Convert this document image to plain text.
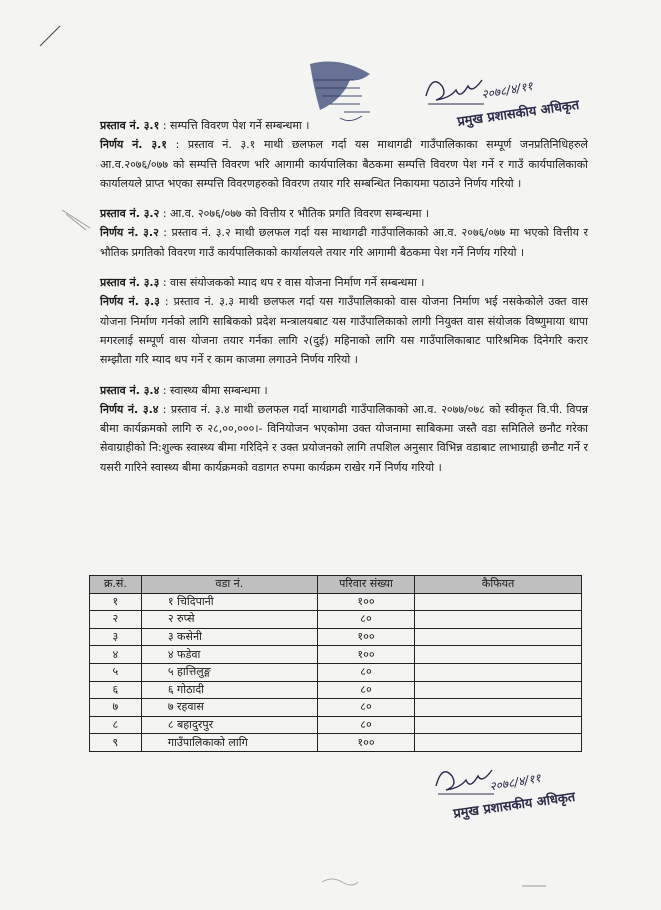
२०७८/४/११
प्रमुख प्रशासकीय अधिकृत

प्रस्ताव नं. ३.१ : सम्पत्ति विवरण पेश गर्ने सम्बन्धमा ।

निर्णय नं. ३.१ : प्रस्ताव नं. ३.१ माथी छलफल गर्दा यस माथागढी गाउँपालिकाका सम्पूर्ण जनप्रतिनिधिहरुले आ.व.२०७६/०७७ को सम्पत्ति विवरण भरि आगामी कार्यपालिका बैठकमा सम्पत्ति विवरण पेश गर्ने र गाउँ कार्यपालिकाको कार्यालयले प्राप्त भएका सम्पत्ति विवरणहरुको विवरण तयार गरि सम्बन्धित निकायमा पठाउने निर्णय गरियो ।

प्रस्ताव नं. ३.२ : आ.व. २०७६/०७७ को वित्तीय र भौतिक प्रगति विवरण सम्बन्धमा ।

निर्णय नं. ३.२ : प्रस्ताव नं. ३.२ माथी छलफल गर्दा यस माथागढी गाउँपालिकाको आ.व. २०७६/०७७ मा भएको वित्तीय र भौतिक प्रगतिको विवरण गाउँ कार्यपालिकाको कार्यालयले तयार गरि आगामी बैठकमा पेश गर्ने निर्णय गरियो ।

प्रस्ताव नं. ३.३ : वास संयोजकको म्याद थप र वास योजना निर्माण गर्ने सम्बन्धमा ।

निर्णय नं. ३.३ : प्रस्ताव नं. ३.३ माथी छलफल गर्दा यस गाउँपालिकाको वास योजना निर्माण भई नसकेकोले उक्त वास योजना निर्माण गर्नको लागि साबिकको प्रदेश मन्त्रालयबाट यस गाउँपालिकाको लागी नियुक्त वास संयोजक विष्णुमाया थापा मगरलाई सम्पूर्ण वास योजना तयार गर्नका लागि २(दुई) महिनाको लागि यस गाउँपालिकाबाट पारिश्रमिक दिनेगरि करार सम्झौता गरि म्याद थप गर्ने र काम काजमा लगाउने निर्णय गरियो ।

प्रस्ताव नं. ३.४ : स्वास्थ्य बीमा सम्बन्धमा ।

निर्णय नं. ३.४ : प्रस्ताव नं. ३.४ माथी छलफल गर्दा माथागढी गाउँपालिकाको आ.व. २०७७/०७८ को स्वीकृत वि.पी. विपन्न बीमा कार्यक्रमको लागि रु २८,००,०००।- विनियोजन भएकोमा उक्त योजनामा साबिकमा जस्तै वडा समितिले छनौट गरेका सेवाग्राहीको नि:शुल्क स्वास्थ्य बीमा गरिदिने र उक्त प्रयोजनको लागि तपशिल अनुसार विभिन्न वडाबाट लाभाग्राही छनौट गर्ने र यसरी गारिने स्वास्थ्य बीमा कार्यक्रमको वडागत रुपमा कार्यक्रम राखेर गर्ने निर्णय गरियो ।

क्र.सं.	वडा नं.	परिवार संख्या	कैफियत
१	१ चिदिपानी	१००	
२	२ रुप्से	८०	
३	३ कसेनी	१००	
४	४ फडेवा	१००	
५	५ हात्तिलुङ्ग	८०	
६	६ गोठादी	८०	
७	७ रहवास	८०	
८	८ बहादुरपुर	८०	
९	गाउँपालिकाको लागि	१००	
२०७८/४/११
प्रमुख प्रशासकीय अधिकृत
